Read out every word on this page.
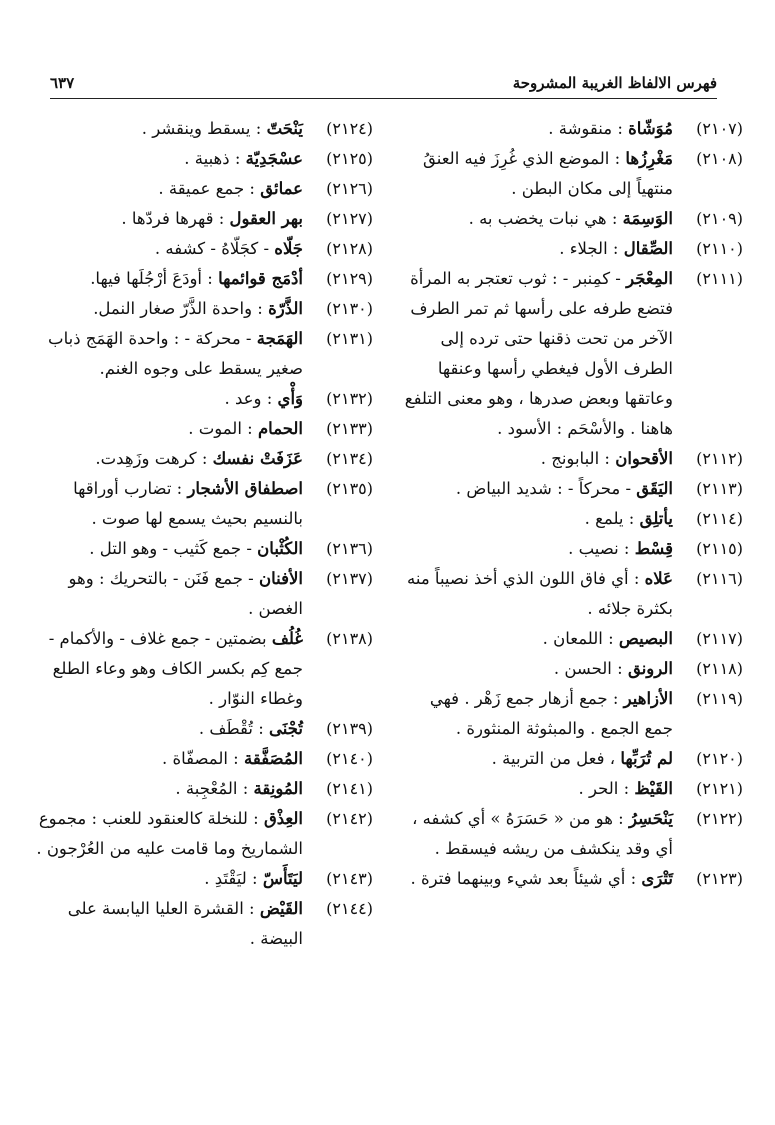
فهرس الالفاظ الغريبة المشروحة
٦٣٧
(٢١٠٧)
مُوَشّاة : منقوشة .
(٢١٠٨)
مَغْرِزُها : الموضع الذي غُرِزَ فيه العنقُ منتهياً إلى مكان البطن .
(٢١٠٩)
الوَسِمَة : هي نبات يخضب به .
(٢١١٠)
الصِّقال : الجلاء .
(٢١١١)
المِعْجَر - كمِنبر - : ثوب تعتجر به المرأة فتضع طرفه على رأسها ثم تمر الطرف الآخر من تحت ذقنها حتى ترده إلى الطرف الأول فيغطي رأسها وعنقها وعاتقها وبعض صدرها ، وهو معنى التلفع هاهنا . والأسْحَم : الأسود .
(٢١١٢)
الأقحوان : البابونج .
(٢١١٣)
اليَقَق - محركاً - : شديد البياض .
(٢١١٤)
يأتلِق : يلمع .
(٢١١٥)
قِسْط : نصيب .
(٢١١٦)
عَلاه : أي فاق اللون الذي أخذ نصيباً منه بكثرة جلائه .
(٢١١٧)
البصيص : اللمعان .
(٢١١٨)
الرونق : الحسن .
(٢١١٩)
الأزاهير : جمع أزهار جمع زَهْر . فهي جمع الجمع . والمبثوثة المنثورة .
(٢١٢٠)
لم تُرَبِّها ، فعل من التربية .
(٢١٢١)
القَيْظ : الحر .
(٢١٢٢)
يَنْحَسِرُ : هو من « حَسَرَهُ » أي كشفه ، أي وقد ينكشف من ريشه فيسقط .
(٢١٢٣)
تَتْرَى : أي شيئاً بعد شيء وبينهما فترة .
(٢١٢٤)
يَنْحَتّ : يسقط وينقشر .
(٢١٢٥)
عسْجَدِيّة : ذهبية .
(٢١٢٦)
عمائق : جمع عميقة .
(٢١٢٧)
بهر العقول : قهرها فردّها .
(٢١٢٨)
جَلّاه - كجَلّاهُ - كشفه .
(٢١٢٩)
أدْمَج قوائمها : أودَعَ أرْجُلَها فيها.
(٢١٣٠)
الذَّرّة : واحدة الذَّرّ صغار النمل.
(٢١٣١)
الهَمَجة - محركة - : واحدة الهَمَج ذباب صغير يسقط على وجوه الغنم.
(٢١٣٢)
وَأْي : وعد .
(٢١٣٣)
الحمام : الموت .
(٢١٣٤)
عَزَفَتْ نفسك : كرهت وزَهِدت.
(٢١٣٥)
اصطفاق الأشجار : تضارب أوراقها بالنسيم بحيث يسمع لها صوت .
(٢١٣٦)
الكُثْبان - جمع كَثيب - وهو التل .
(٢١٣٧)
الأفنان - جمع فَنَن - بالتحريك : وهو الغصن .
(٢١٣٨)
غُلُف بضمتين - جمع غلاف - والأكمام - جمع كِم بكسر الكاف وهو وعاء الطلع وغطاء النوّار .
(٢١٣٩)
تُجْنَى : تُقْطَف .
(٢١٤٠)
المُصَفَّقة : المصفّاة .
(٢١٤١)
المُونِقة : المُعْجِبة .
(٢١٤٢)
العِذْق : للنخلة كالعنقود للعنب : مجموع الشماريخ وما قامت عليه من العُرْجون .
(٢١٤٣)
ليَتَأَسّ : ليَقْتَدِ .
(٢١٤٤)
القَيْض : القشرة العليا اليابسة على البيضة .
